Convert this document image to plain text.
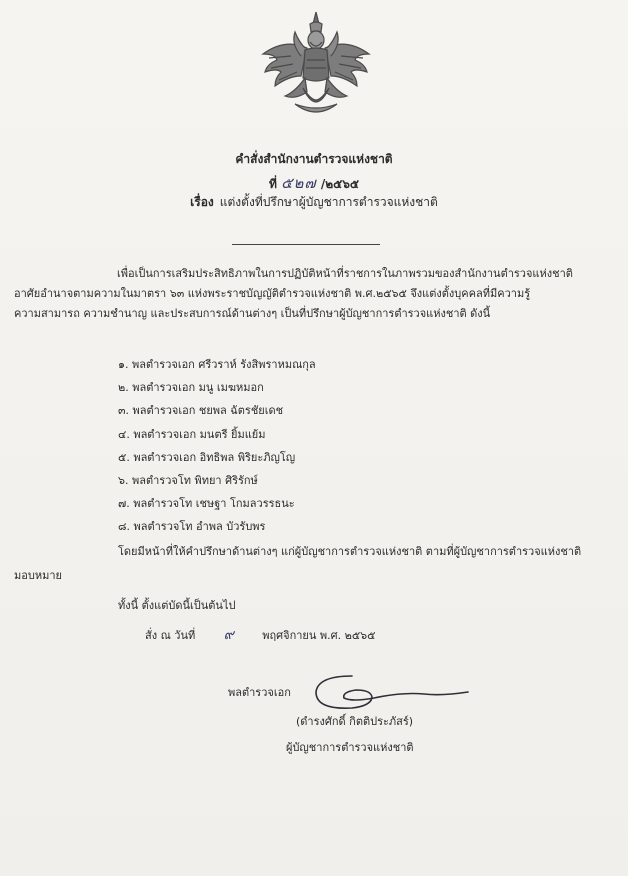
คำสั่งสำนักงานตำรวจแห่งชาติ
ที่ ๕๒๗ /๒๕๖๕
เรื่อง แต่งตั้งที่ปรึกษาผู้บัญชาการตำรวจแห่งชาติ
เพื่อเป็นการเสริมประสิทธิภาพในการปฏิบัติหน้าที่ราชการในภาพรวมของสำนักงานตำรวจแห่งชาติ
อาศัยอำนาจตามความในมาตรา ๖๓ แห่งพระราชบัญญัติตำรวจแห่งชาติ พ.ศ.๒๕๖๕ จึงแต่งตั้งบุคคลที่มีความรู้
ความสามารถ ความชำนาญ และประสบการณ์ด้านต่างๆ เป็นที่ปรึกษาผู้บัญชาการตำรวจแห่งชาติ ดังนี้
๑. พลตำรวจเอก ศรีวราห์ รังสิพราหมณกุล
๒. พลตำรวจเอก มนู เมฆหมอก
๓. พลตำรวจเอก ชยพล ฉัตรชัยเดช
๔. พลตำรวจเอก มนตรี ยิ้มแย้ม
๕. พลตำรวจเอก อิทธิพล พิริยะภิญโญ
๖. พลตำรวจโท พิทยา ศิริรักษ์
๗. พลตำรวจโท เชษฐา โกมลวรรธนะ
๘. พลตำรวจโท อำพล บัวรับพร
โดยมีหน้าที่ให้คำปรึกษาด้านต่างๆ แก่ผู้บัญชาการตำรวจแห่งชาติ ตามที่ผู้บัญชาการตำรวจแห่งชาติ
มอบหมาย
ทั้งนี้ ตั้งแต่บัดนี้เป็นต้นไป
สั่ง ณ วันที่ ๙	พฤศจิกายน พ.ศ. ๒๕๖๕
พลตำรวจเอก
(ดำรงศักดิ์ กิตติประภัสร์)
ผู้บัญชาการตำรวจแห่งชาติ
